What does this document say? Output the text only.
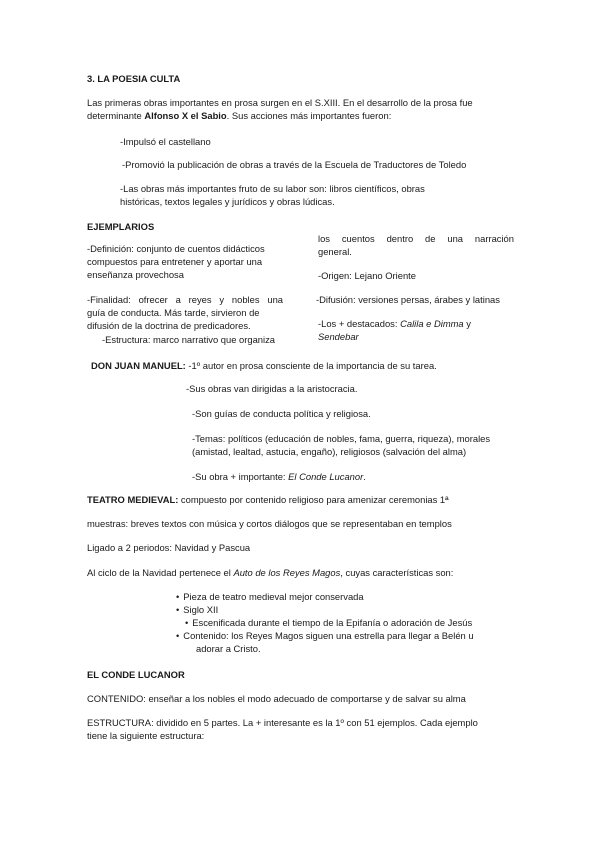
3. LA POESIA CULTA
Las primeras obras importantes en prosa surgen en el S.XIII. En el desarrollo de la prosa fue
determinante Alfonso X el Sabio. Sus acciones más importantes fueron:
-Impulsó el castellano
-Promovió la publicación de obras a través de la Escuela de Traductores de Toledo
-Las obras más importantes fruto de su labor son: libros científicos, obras
históricas, textos legales y jurídicos y obras lúdicas.
EJEMPLARIOS
-Definición: conjunto de cuentos didácticos
compuestos para entretener y aportar una
enseñanza provechosa
-Finalidad: ofrecer a reyes y nobles una
guía de conducta. Más tarde, sirvieron de
difusión de la doctrina de predicadores.
-Estructura: marco narrativo que organiza
los cuentos dentro de una narración
general.
-Origen: Lejano Oriente
-Difusión: versiones persas, árabes y latinas
-Los + destacados: Calila e Dimma y
Sendebar
DON JUAN MANUEL: -1º autor en prosa consciente de la importancia de su tarea.
-Sus obras van dirigidas a la aristocracia.
-Son guías de conducta política y religiosa.
-Temas: políticos (educación de nobles, fama, guerra, riqueza), morales
(amistad, lealtad, astucia, engaño), religiosos (salvación del alma)
-Su obra + importante: El Conde Lucanor.
TEATRO MEDIEVAL: compuesto por contenido religioso para amenizar ceremonias 1ª
muestras: breves textos con música y cortos diálogos que se representaban en templos
Ligado a 2 periodos: Navidad y Pascua
Al ciclo de la Navidad pertenece el Auto de los Reyes Magos, cuyas características son:
• Pieza de teatro medieval mejor conservada
• Siglo XII
• Escenificada durante el tiempo de la Epifanía o adoración de Jesús
• Contenido: los Reyes Magos siguen una estrella para llegar a Belén u
adorar a Cristo.
EL CONDE LUCANOR
CONTENIDO: enseñar a los nobles el modo adecuado de comportarse y de salvar su alma
ESTRUCTURA: dividido en 5 partes. La + interesante es la 1º con 51 ejemplos. Cada ejemplo
tiene la siguiente estructura:
